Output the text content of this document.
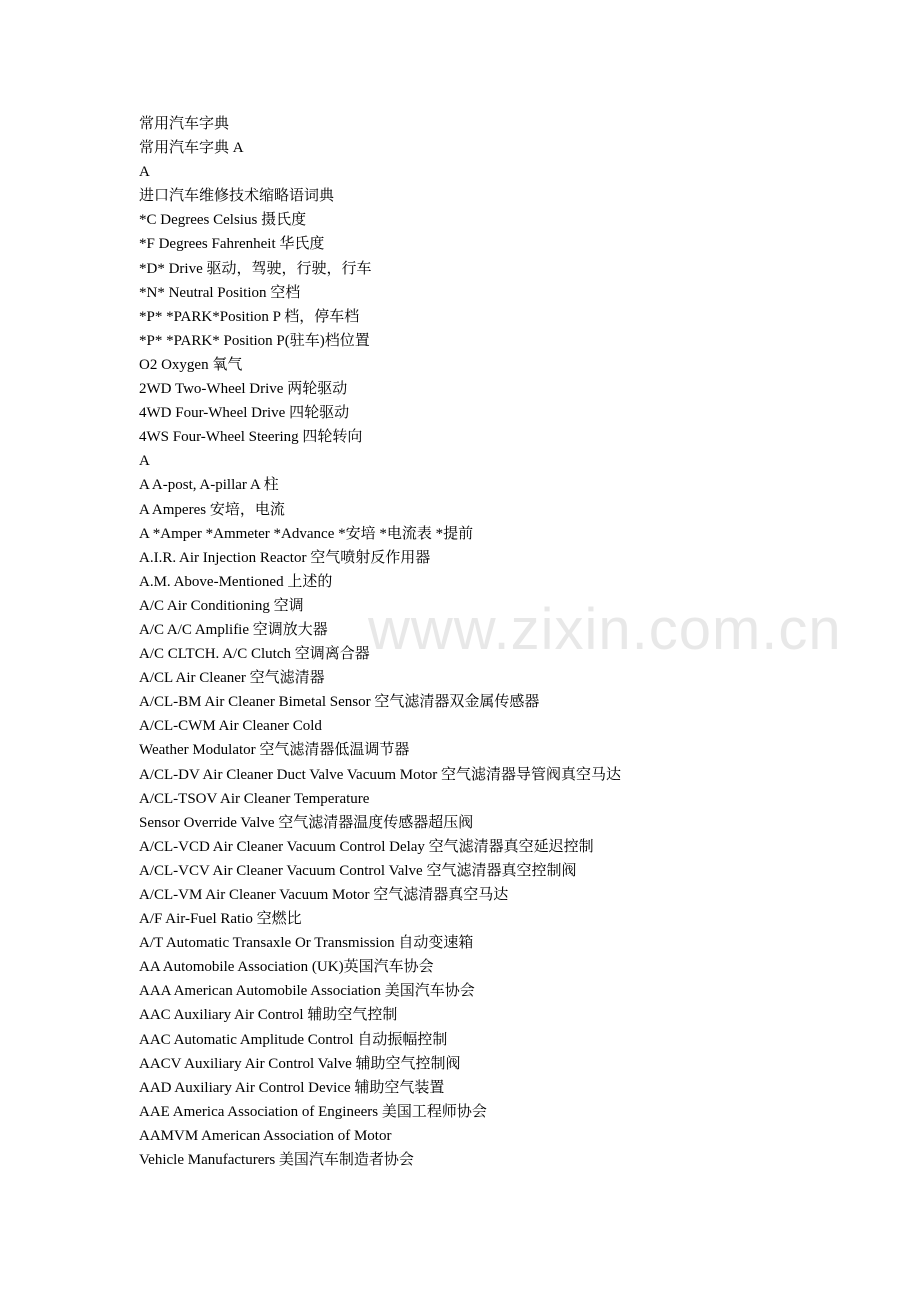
常用汽车字典
常用汽车字典 A
A
进口汽车维修技术缩略语词典
*C Degrees Celsius 摄氏度
*F Degrees Fahrenheit 华氏度
*D* Drive 驱动，驾驶，行驶，行车
*N* Neutral Position 空档
*P* *PARK*Position P 档，停车档
*P* *PARK* Position P(驻车)档位置
O2 Oxygen 氧气
2WD Two-Wheel Drive 两轮驱动
4WD Four-Wheel Drive 四轮驱动
4WS Four-Wheel Steering 四轮转向
A
A A-post, A-pillar A 柱
A Amperes 安培，电流
A *Amper *Ammeter *Advance *安培 *电流表 *提前
A.I.R. Air Injection Reactor 空气喷射反作用器
A.M. Above-Mentioned 上述的
A/C Air Conditioning 空调
A/C A/C Amplifie 空调放大器
A/C CLTCH. A/C Clutch 空调离合器
A/CL Air Cleaner 空气滤清器
A/CL-BM Air Cleaner Bimetal Sensor 空气滤清器双金属传感器
A/CL-CWM Air Cleaner Cold
Weather Modulator 空气滤清器低温调节器
A/CL-DV Air Cleaner Duct Valve Vacuum Motor 空气滤清器导管阀真空马达
A/CL-TSOV Air Cleaner Temperature
Sensor Override Valve 空气滤清器温度传感器超压阀
A/CL-VCD Air Cleaner Vacuum Control Delay 空气滤清器真空延迟控制
A/CL-VCV Air Cleaner Vacuum Control Valve 空气滤清器真空控制阀
A/CL-VM Air Cleaner Vacuum Motor 空气滤清器真空马达
A/F Air-Fuel Ratio 空燃比
A/T Automatic Transaxle Or Transmission 自动变速箱
AA Automobile Association (UK)英国汽车协会
AAA American Automobile Association 美国汽车协会
AAC Auxiliary Air Control 辅助空气控制
AAC Automatic Amplitude Control 自动振幅控制
AACV Auxiliary Air Control Valve 辅助空气控制阀
AAD Auxiliary Air Control Device 辅助空气装置
AAE America Association of Engineers 美国工程师协会
AAMVM American Association of Motor
Vehicle Manufacturers 美国汽车制造者协会
www.zixin.com.cn
